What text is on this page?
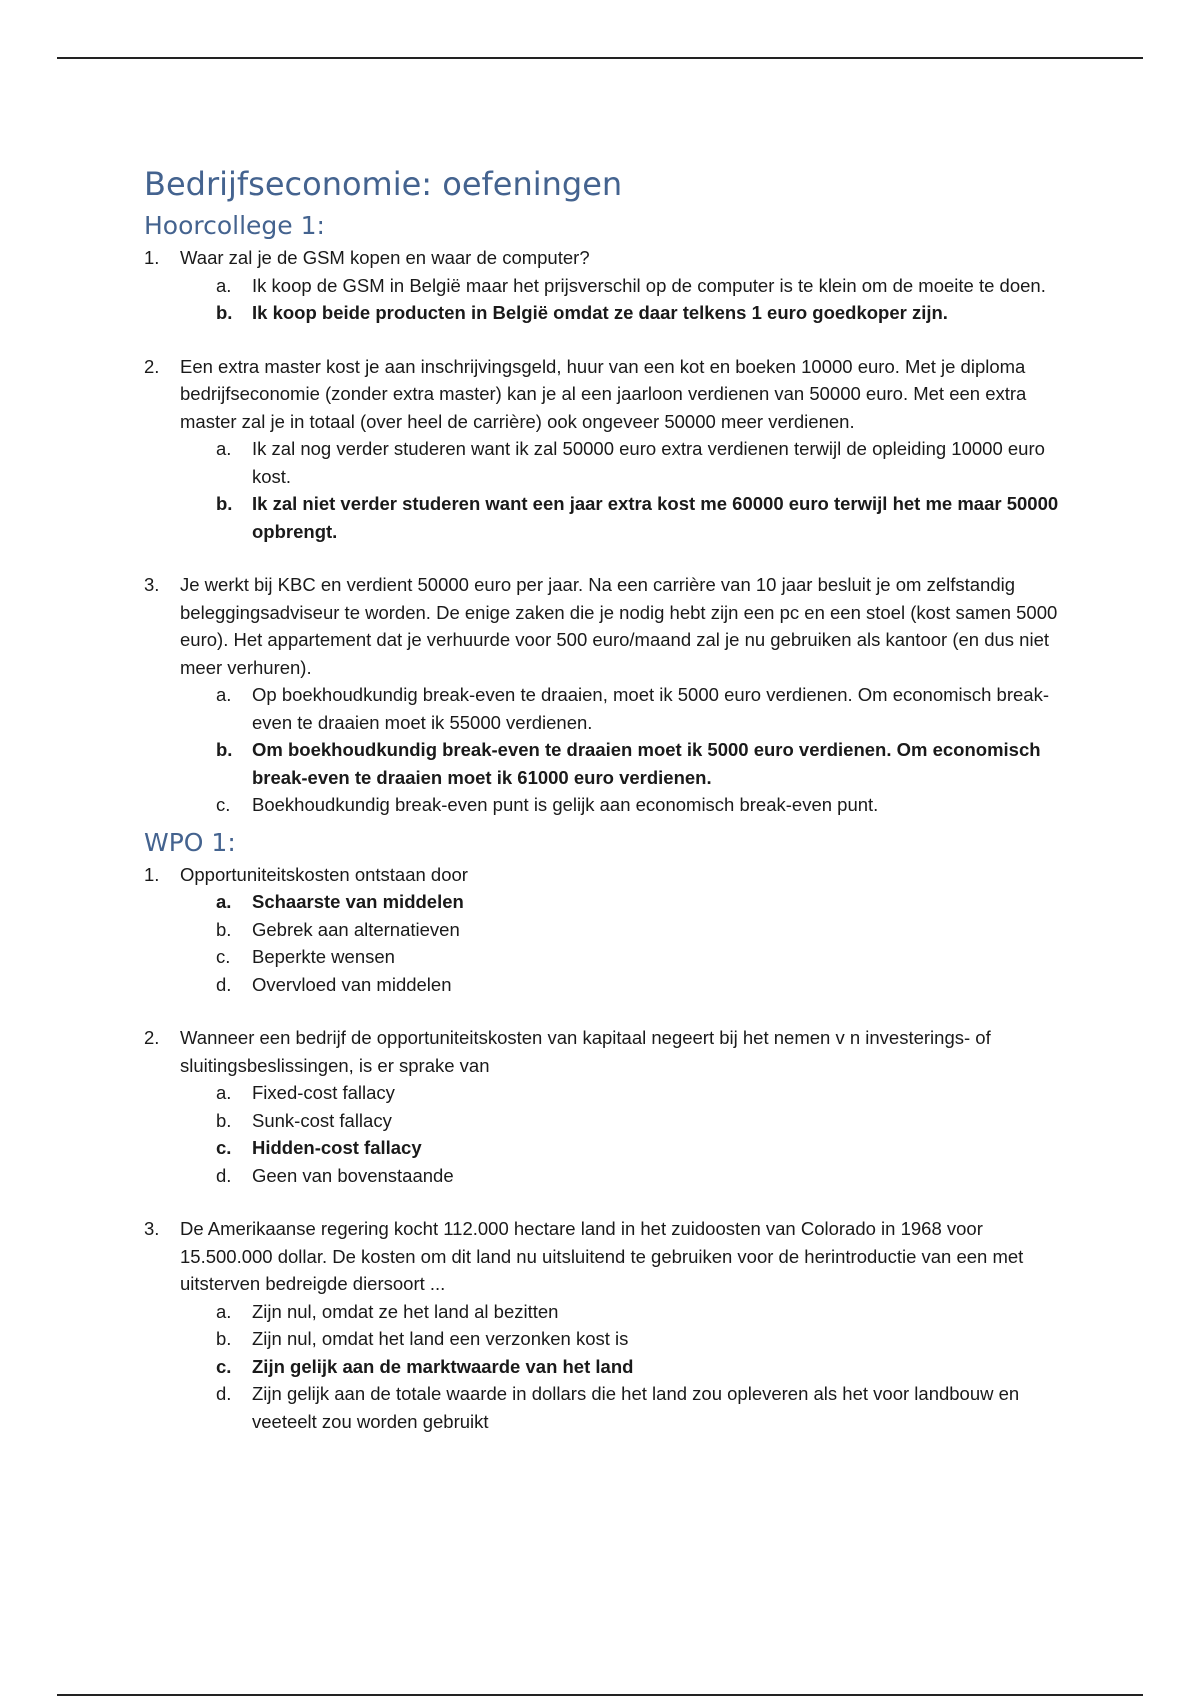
Bedrijfseconomie: oefeningen
Hoorcollege 1:
1. Waar zal je de GSM kopen en waar de computer?
a. Ik koop de GSM in België maar het prijsverschil op de computer is te klein om de moeite te doen.
b. Ik koop beide producten in België omdat ze daar telkens 1 euro goedkoper zijn.
2. Een extra master kost je aan inschrijvingsgeld, huur van een kot en boeken 10000 euro. Met je diploma bedrijfseconomie (zonder extra master) kan je al een jaarloon verdienen van 50000 euro. Met een extra master zal je in totaal (over heel de carrière) ook ongeveer 50000 meer verdienen.
a. Ik zal nog verder studeren want ik zal 50000 euro extra verdienen terwijl de opleiding 10000 euro kost.
b. Ik zal niet verder studeren want een jaar extra kost me 60000 euro terwijl het me maar 50000 opbrengt.
3. Je werkt bij KBC en verdient 50000 euro per jaar. Na een carrière van 10 jaar besluit je om zelfstandig beleggingsadviseur te worden. De enige zaken die je nodig hebt zijn een pc en een stoel (kost samen 5000 euro). Het appartement dat je verhuurde voor 500 euro/maand zal je nu gebruiken als kantoor (en dus niet meer verhuren).
a. Op boekhoudkundig break-even te draaien, moet ik 5000 euro verdienen. Om economisch break-even te draaien moet ik 55000 verdienen.
b. Om boekhoudkundig break-even te draaien moet ik 5000 euro verdienen. Om economisch break-even te draaien moet ik 61000 euro verdienen.
c. Boekhoudkundig break-even punt is gelijk aan economisch break-even punt.
WPO 1:
1. Opportuniteitskosten ontstaan door
a. Schaarste van middelen
b. Gebrek aan alternatieven
c. Beperkte wensen
d. Overvloed van middelen
2. Wanneer een bedrijf de opportuniteitskosten van kapitaal negeert bij het nemen v n investerings- of sluitingsbeslissingen, is er sprake van
a. Fixed-cost fallacy
b. Sunk-cost fallacy
c. Hidden-cost fallacy
d. Geen van bovenstaande
3. De Amerikaanse regering kocht 112.000 hectare land in het zuidoosten van Colorado in 1968 voor 15.500.000 dollar. De kosten om dit land nu uitsluitend te gebruiken voor de herintroductie van een met uitsterven bedreigde diersoort ...
a. Zijn nul, omdat ze het land al bezitten
b. Zijn nul, omdat het land een verzonken kost is
c. Zijn gelijk aan de marktwaarde van het land
d. Zijn gelijk aan de totale waarde in dollars die het land zou opleveren als het voor landbouw en veeteelt zou worden gebruikt
